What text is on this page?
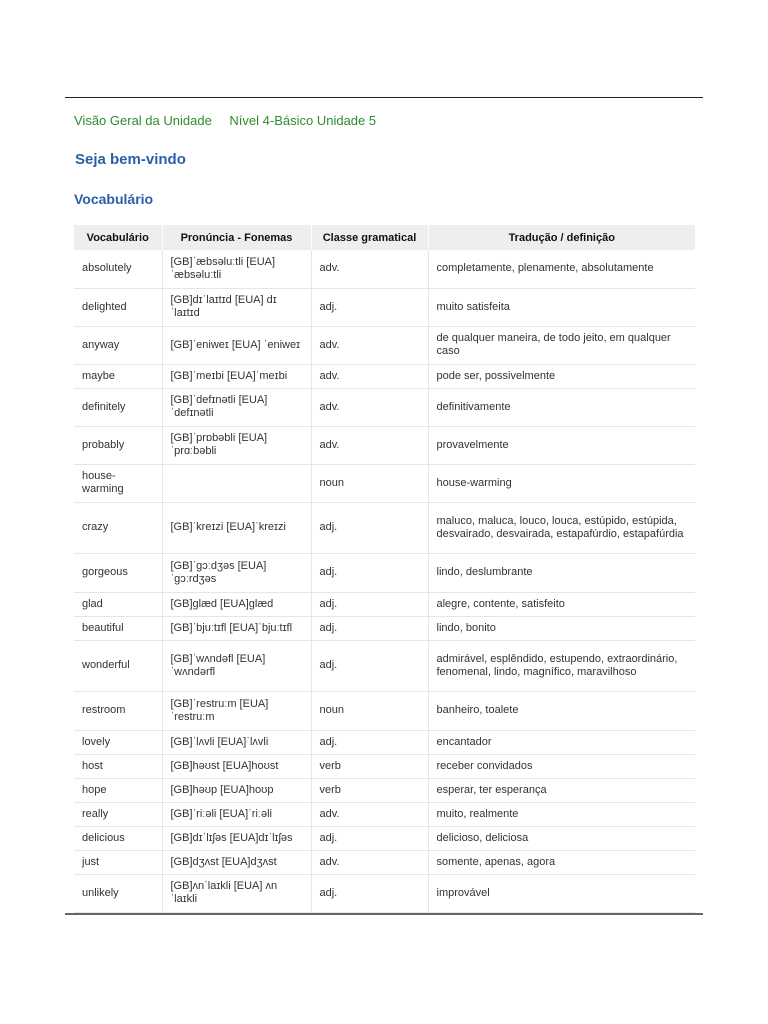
Visão Geral da Unidade Nível 4-Básico Unidade 5
Seja bem-vindo
Vocabulário
Vocabulário	Pronúncia - Fonemas	Classe gramatical	Tradução / definição
absolutely	[GB]ˈæbsəluːtli [EUA] ˈæbsəluːtli	adv.	completamente, plenamente, absolutamente
delighted	[GB]dɪˈlaɪtɪd [EUA] dɪˈlaɪtɪd	adj.	muito satisfeita
anyway	[GB]ˈeniweɪ [EUA] ˈeniweɪ	adv.	de qualquer maneira, de todo jeito, em qualquer caso
maybe	[GB]ˈmeɪbi [EUA]ˈmeɪbi	adv.	pode ser, possivelmente
definitely	[GB]ˈdefɪnətli [EUA] ˈdefɪnətli	adv.	definitivamente
probably	[GB]ˈprɒbəbli [EUA] ˈprɑːbəbli	adv.	provavelmente
house-warming		noun	house-warming
crazy	[GB]ˈkreɪzi [EUA]ˈkreɪzi	adj.	maluco, maluca, louco, louca, estúpido, estúpida, desvairado, desvairada, estapafúrdio, estapafúrdia
gorgeous	[GB]ˈɡɔːdʒəs [EUA] ˈɡɔːrdʒəs	adj.	lindo, deslumbrante
glad	[GB]ɡlæd [EUA]ɡlæd	adj.	alegre, contente, satisfeito
beautiful	[GB]ˈbjuːtɪfl [EUA]ˈbjuːtɪfl	adj.	lindo, bonito
wonderful	[GB]ˈwʌndəfl [EUA] ˈwʌndərfl	adj.	admirável, esplêndido, estupendo, extraordinário, fenomenal, lindo, magnífico, maravilhoso
restroom	[GB]ˈrestruːm [EUA] ˈrestruːm	noun	banheiro, toalete
lovely	[GB]ˈlʌvli [EUA]ˈlʌvli	adj.	encantador
host	[GB]həʊst [EUA]hoʊst	verb	receber convidados
hope	[GB]həʊp [EUA]hoʊp	verb	esperar, ter esperança
really	[GB]ˈriːəli [EUA]ˈriːəli	adv.	muito, realmente
delicious	[GB]dɪˈlɪʃəs [EUA]dɪˈlɪʃəs	adj.	delicioso, deliciosa
just	[GB]dʒʌst [EUA]dʒʌst	adv.	somente, apenas, agora
unlikely	[GB]ʌnˈlaɪkli [EUA] ʌnˈlaɪkli	adj.	improvável
